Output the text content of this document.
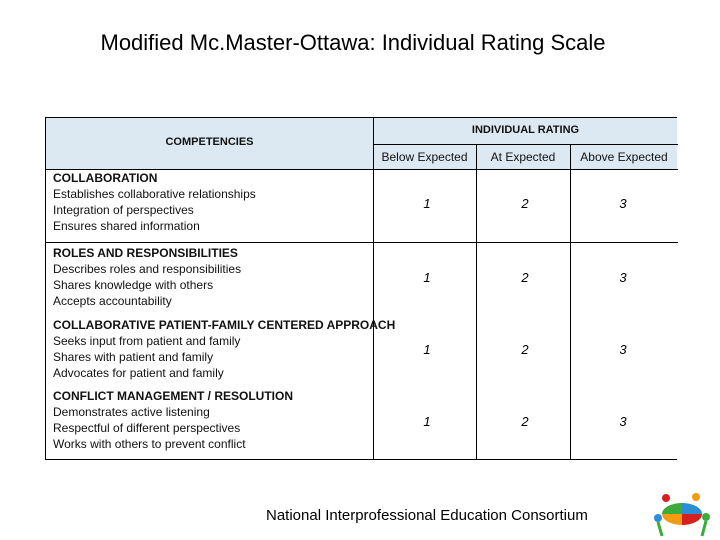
Modified Mc.Master-Ottawa: Individual Rating Scale
COMPETENCIES
INDIVIDUAL RATING
Below Expected	At Expected	Above Expected
COLLABORATION
Establishes collaborative relationships
Integration of perspectives
Ensures shared information
1	2	3
ROLES AND RESPONSIBILITIES
Describes roles and responsibilities
Shares knowledge with others
Accepts accountability
1	2	3
COLLABORATIVE PATIENT-FAMILY CENTERED APPROACH
Seeks input from patient and family
Shares with patient and family
Advocates for patient and family
1	2	3
CONFLICT MANAGEMENT / RESOLUTION
Demonstrates active listening
Respectful of different perspectives
Works with others to prevent conflict
1	2	3
National Interprofessional Education Consortium
